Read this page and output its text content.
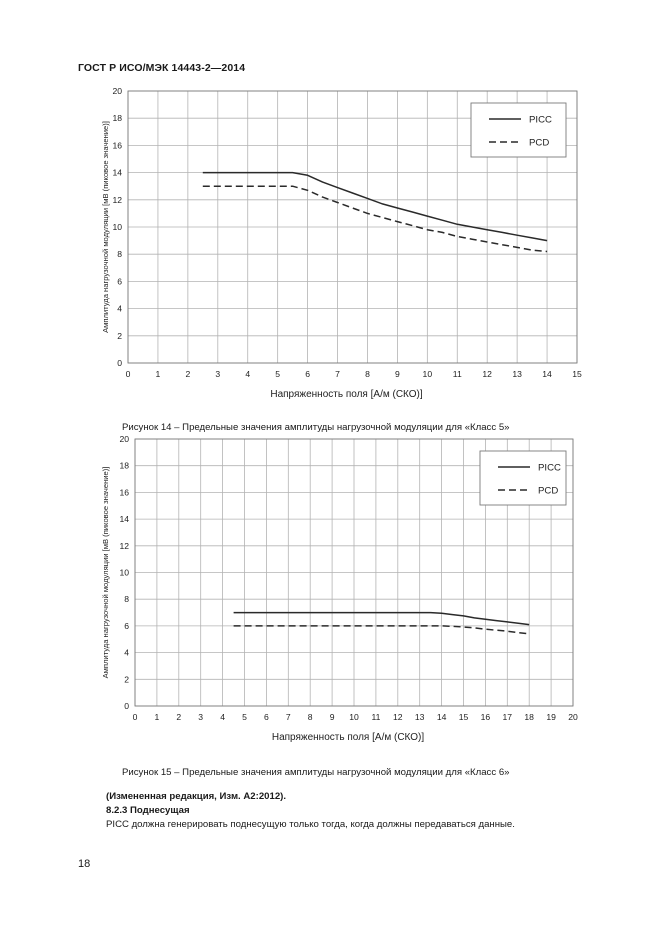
ГОСТ Р ИСО/МЭК 14443-2—2014
0	1	2	3	4	5	6	7	8	9	10 11 12 13 14 15
0
2
4
6
8
10
12
14
16
18
20
Напряженность поля [А/м (СКО)]
Амплитуда нагрузочной модуляции [мВ (пиковое значение)]
PICC
PCD
Рисунок 14 – Предельные значения амплитуды нагрузочной модуляции для «Класс 5»
0 1 2 3 4 5 6 7 8 9 10 11 12 13 14 15 16 17 18 19 20
0
2
4
6
8
10
12
14
16
18
20
Напряженность поля [А/м (СКО)]
Амплитуда нагрузочной модуляции [мВ (пиковое значение)]	PICC
PCD
Рисунок 15 – Предельные значения амплитуды нагрузочной модуляции для «Класс 6»
(Измененная редакция, Изм. A2:2012).
8.2.3 Поднесущая
PICC должна генерировать поднесущую только тогда, когда должны передаваться данные.
18
